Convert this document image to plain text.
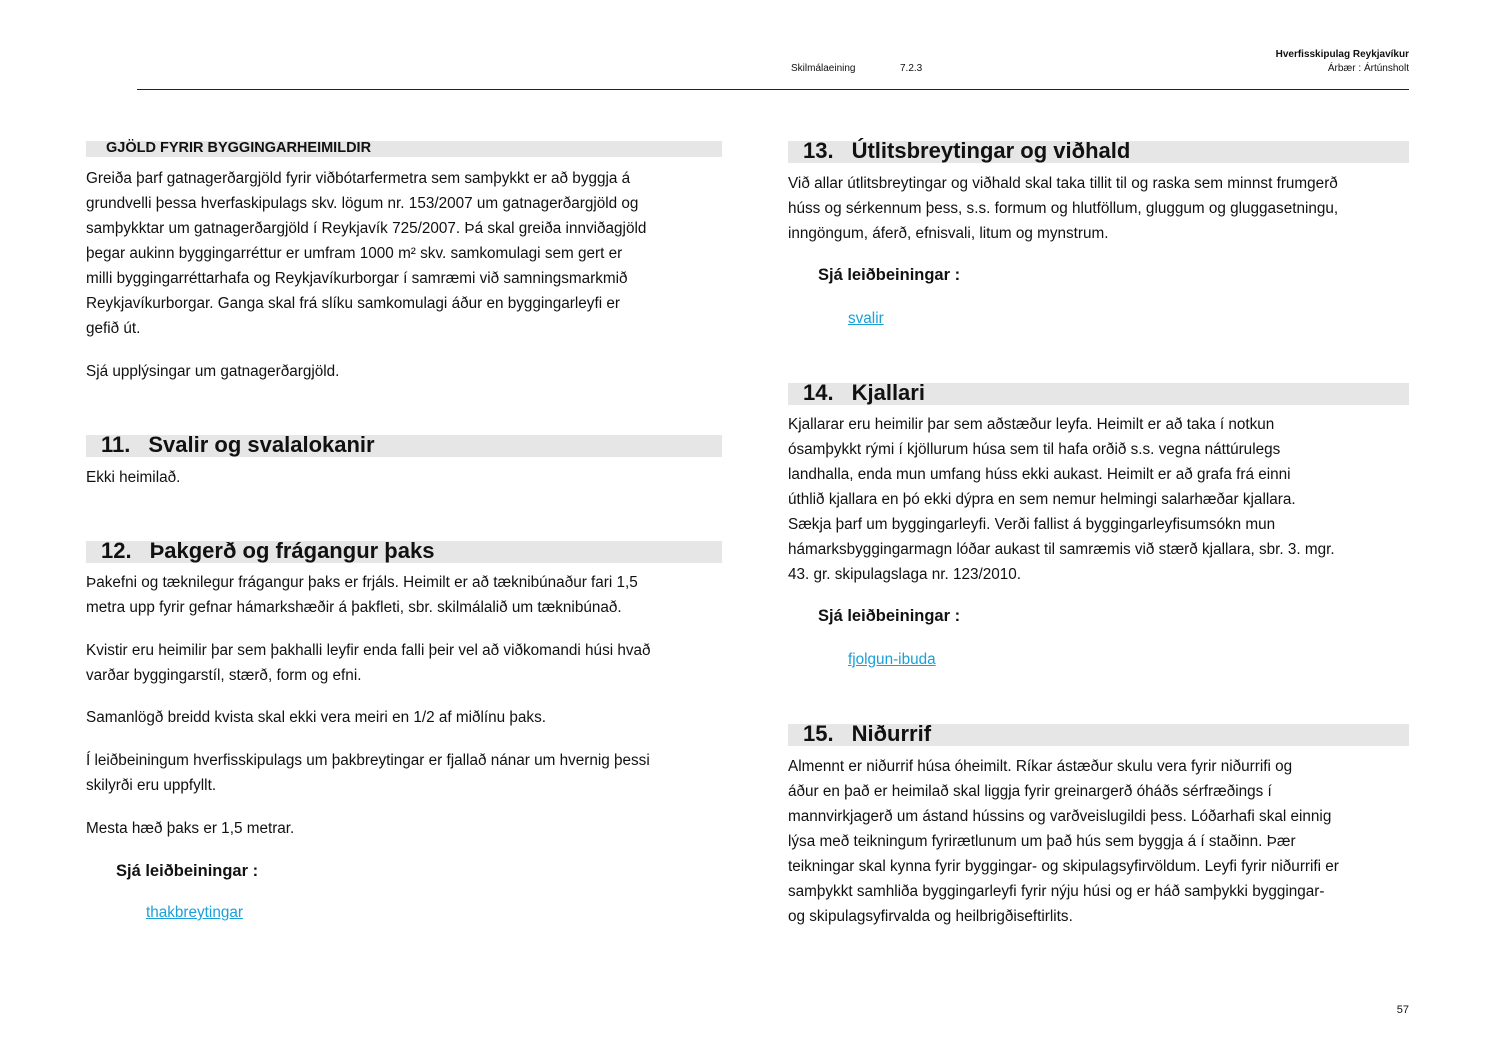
Skilmálaeining	7.2.3
Hverfisskipulag Reykjavíkur
Árbær : Ártúnsholt
GJÖLD FYRIR BYGGINGARHEIMILDIR
Greiða þarf gatnagerðargjöld fyrir viðbótarfermetra sem samþykkt er að byggja á
grundvelli þessa hverfaskipulags skv. lögum nr. 153/2007 um gatnagerðargjöld og
samþykktar um gatnagerðargjöld í Reykjavík 725/2007. Þá skal greiða innviðagjöld
þegar aukinn byggingarréttur er umfram 1000 m² skv. samkomulagi sem gert er
milli byggingarréttarhafa og Reykjavíkurborgar í samræmi við samningsmarkmið
Reykjavíkurborgar. Ganga skal frá slíku samkomulagi áður en byggingarleyfi er
gefið út.
Sjá upplýsingar um gatnagerðargjöld.
11. Svalir og svalalokanir
Ekki heimilað.
12. Þakgerð og frágangur þaks
Þakefni og tæknilegur frágangur þaks er frjáls. Heimilt er að tæknibúnaður fari 1,5
metra upp fyrir gefnar hámarkshæðir á þakfleti, sbr. skilmálalið um tæknibúnað.
Kvistir eru heimilir þar sem þakhalli leyfir enda falli þeir vel að viðkomandi húsi hvað
varðar byggingarstíl, stærð, form og efni.
Samanlögð breidd kvista skal ekki vera meiri en 1/2 af miðlínu þaks.
Í leiðbeiningum hverfisskipulags um þakbreytingar er fjallað nánar um hvernig þessi
skilyrði eru uppfyllt.
Mesta hæð þaks er 1,5 metrar.
Sjá leiðbeiningar :
thakbreytingar
13. Útlitsbreytingar og viðhald
Við allar útlitsbreytingar og viðhald skal taka tillit til og raska sem minnst frumgerð
húss og sérkennum þess, s.s. formum og hlutföllum, gluggum og gluggasetningu,
inngöngum, áferð, efnisvali, litum og mynstrum.
Sjá leiðbeiningar :
svalir
14. Kjallari
Kjallarar eru heimilir þar sem aðstæður leyfa. Heimilt er að taka í notkun
ósamþykkt rými í kjöllurum húsa sem til hafa orðið s.s. vegna náttúrulegs
landhalla, enda mun umfang húss ekki aukast. Heimilt er að grafa frá einni
úthlið kjallara en þó ekki dýpra en sem nemur helmingi salarhæðar kjallara.
Sækja þarf um byggingarleyfi. Verði fallist á byggingarleyfisumsókn mun
hámarksbyggingarmagn lóðar aukast til samræmis við stærð kjallara, sbr. 3. mgr.
43. gr. skipulagslaga nr. 123/2010.
Sjá leiðbeiningar :
fjolgun-ibuda
15. Niðurrif
Almennt er niðurrif húsa óheimilt. Ríkar ástæður skulu vera fyrir niðurrifi og
áður en það er heimilað skal liggja fyrir greinargerð óháðs sérfræðings í
mannvirkjagerð um ástand hússins og varðveislugildi þess. Lóðarhafi skal einnig
lýsa með teikningum fyrirætlunum um það hús sem byggja á í staðinn. Þær
teikningar skal kynna fyrir byggingar- og skipulagsyfirvöldum. Leyfi fyrir niðurrifi er
samþykkt samhliða byggingarleyfi fyrir nýju húsi og er háð samþykki byggingar-
og skipulagsyfirvalda og heilbrigðiseftirlits.
57
